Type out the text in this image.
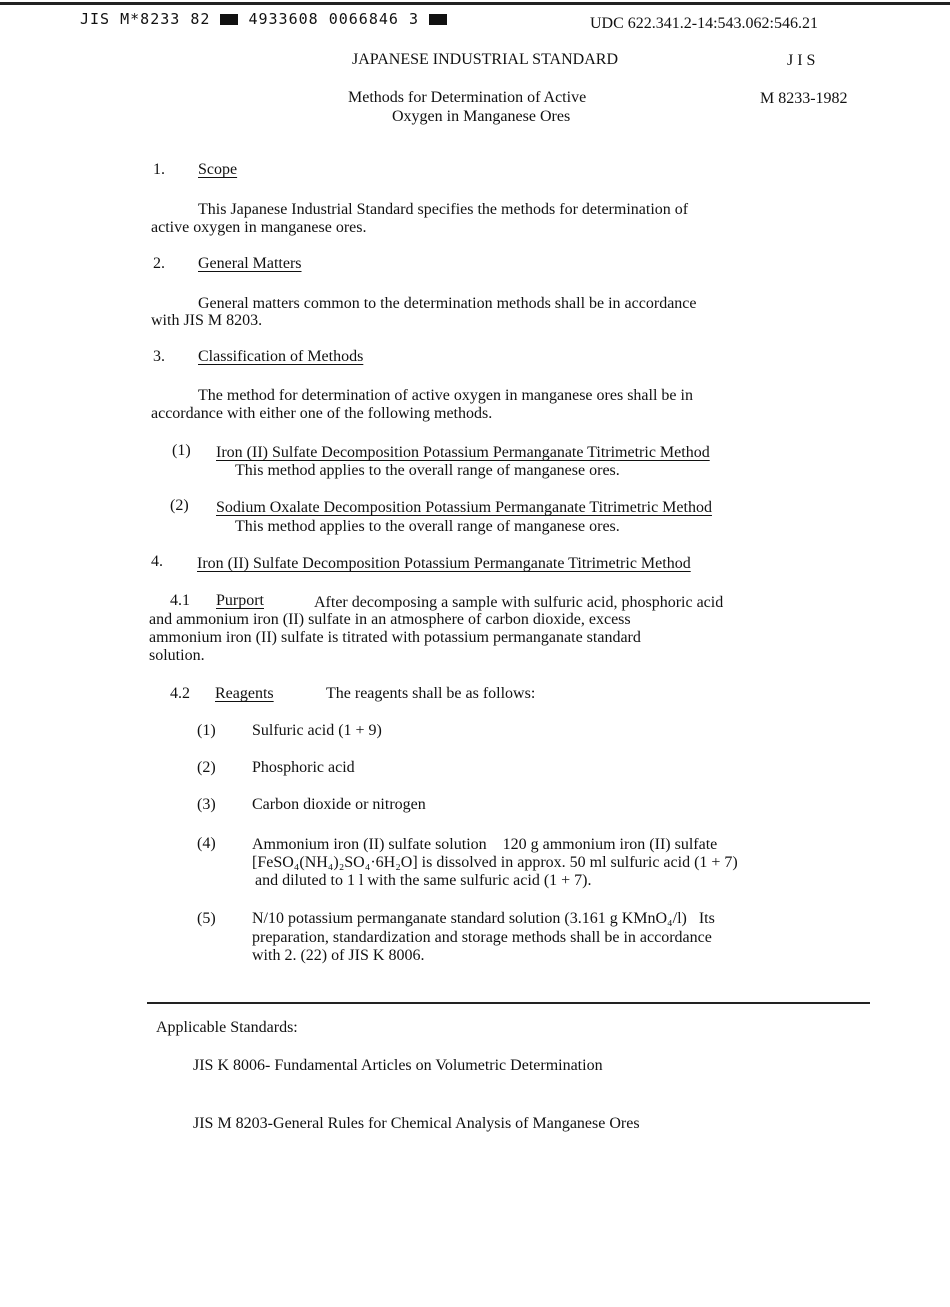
JIS M*8233 82	4933608 0066846 3	UDC 622.341.2-14:543.062:546.21
JAPANESE INDUSTRIAL STANDARD	J I S
Methods for Determination of Active
Oxygen in Manganese Ores
M 8233-1982
1. Scope
This Japanese Industrial Standard specifies the methods for determination of
active oxygen in manganese ores.
2. General Matters
General matters common to the determination methods shall be in accordance
with JIS M 8203.
3. Classification of Methods
The method for determination of active oxygen in manganese ores shall be in
accordance with either one of the following methods.
(1) Iron (II) Sulfate Decomposition Potassium Permanganate Titrimetric Method
This method applies to the overall range of manganese ores.
(2) Sodium Oxalate Decomposition Potassium Permanganate Titrimetric Method
This method applies to the overall range of manganese ores.
4. Iron (II) Sulfate Decomposition Potassium Permanganate Titrimetric Method
4.1 Purport	After decomposing a sample with sulfuric acid, phosphoric acid
and ammonium iron (II) sulfate in an atmosphere of carbon dioxide, excess
ammonium iron (II) sulfate is titrated with potassium permanganate standard
solution.
4.2 Reagents	The reagents shall be as follows:
(1) Sulfuric acid (1 + 9)
(2) Phosphoric acid
(3) Carbon dioxide or nitrogen
(4) Ammonium iron (II) sulfate solution    120 g ammonium iron (II) sulfate
[FeSO₄(NH₄)₂SO₄·6H₂O] is dissolved in approx. 50 ml sulfuric acid (1 + 7)
and diluted to 1 l with the same sulfuric acid (1 + 7).
(5) N/10 potassium permanganate standard solution (3.161 g KMnO₄/l)   Its
preparation, standardization and storage methods shall be in accordance
with 2. (22) of JIS K 8006.
Applicable Standards:
JIS K 8006- Fundamental Articles on Volumetric Determination
JIS M 8203-General Rules for Chemical Analysis of Manganese Ores
